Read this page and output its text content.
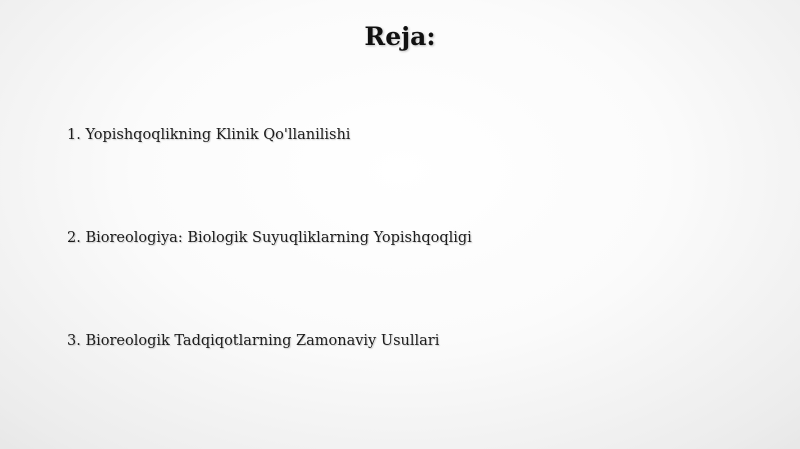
Reja:
1. Yopishqoqlikning Klinik Qo'llanilishi
2. Bioreologiya: Biologik Suyuqliklarning Yopishqoqligi
3. Bioreologik Tadqiqotlarning Zamonaviy Usullari
